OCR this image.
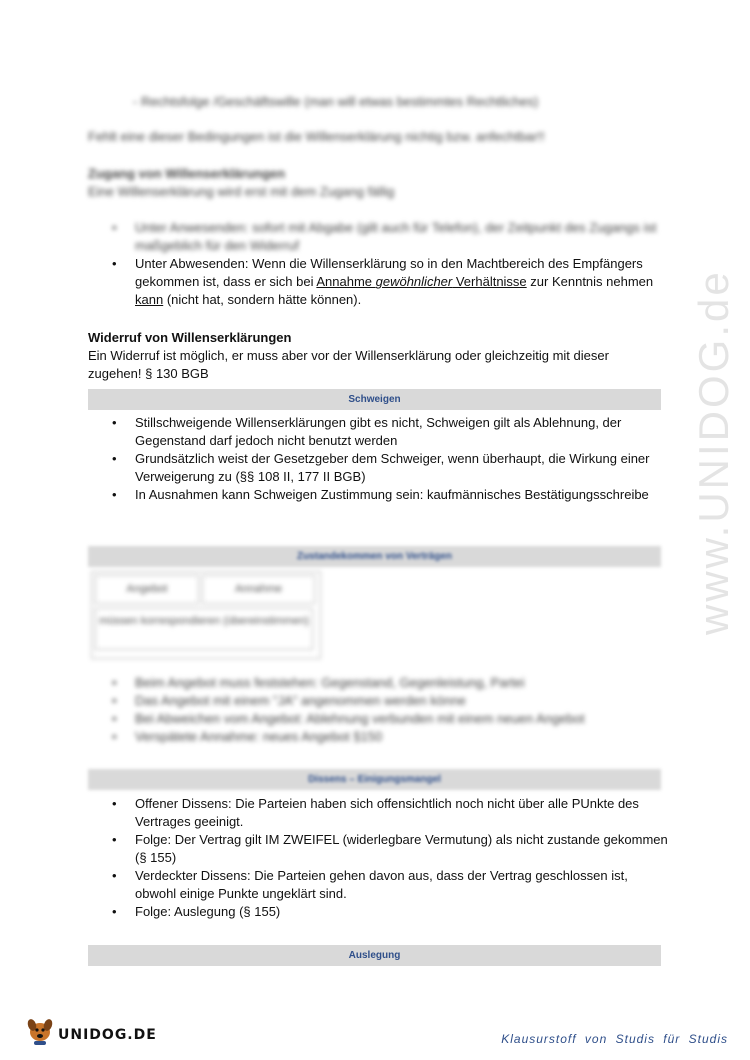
www.UNIDOG.de
- Rechtsfolge /Geschäftswille (man will etwas bestimmtes Rechtliches)
Fehlt eine dieser Bedingungen ist die Willenserklärung nichtig bzw. anfechtbar!!
Zugang von Willenserklärungen
Eine Willenserklärung wird erst mit dem Zugang fällig
• Unter Anwesenden: sofort mit Abgabe (gilt auch für Telefon), der Zeitpunkt des Zugangs ist maßgeblich für den Widerruf
• Unter Abwesenden: Wenn die Willenserklärung so in den Machtbereich des Empfängers gekommen ist, dass er sich bei Annahme gewöhnlicher Verhältnisse zur Kenntnis nehmen kann (nicht hat, sondern hätte können).
Widerruf von Willenserklärungen
Ein Widerruf ist möglich, er muss aber vor der Willenserklärung oder gleichzeitig mit dieser zugehen! § 130 BGB
Schweigen
• Stillschweigende Willenserklärungen gibt es nicht, Schweigen gilt als Ablehnung, der Gegenstand darf jedoch nicht benutzt werden
• Grundsätzlich weist der Gesetzgeber dem Schweiger, wenn überhaupt, die Wirkung einer Verweigerung zu (§§ 108 II, 177 II BGB)
• In Ausnahmen kann Schweigen Zustimmung sein: kaufmännisches Bestätigungsschreibe
Zustandekommen von Verträgen
Angebot	Annahme
müssen korrespondieren (übereinstimmen)
• Beim Angebot muss feststehen: Gegenstand, Gegenleistung, Partei
• Das Angebot mit einem "JA" angenommen werden könne
• Bei Abweichen vom Angebot: Ablehnung verbunden mit einem neuen Angebot
• Verspätete Annahme: neues Angebot §150
Dissens – Einigungsmangel
• Offener Dissens: Die Parteien haben sich offensichtlich noch nicht über alle PUnkte des Vertrages geeinigt.
• Folge: Der Vertrag gilt IM ZWEIFEL (widerlegbare Vermutung) als nicht zustande gekommen (§ 155)
• Verdeckter Dissens: Die Parteien gehen davon aus, dass der Vertrag geschlossen ist, obwohl einige Punkte ungeklärt sind.
• Folge: Auslegung (§ 155)
Auslegung
UNIDOG.DE	Klausurstoff von Studis für Studis
